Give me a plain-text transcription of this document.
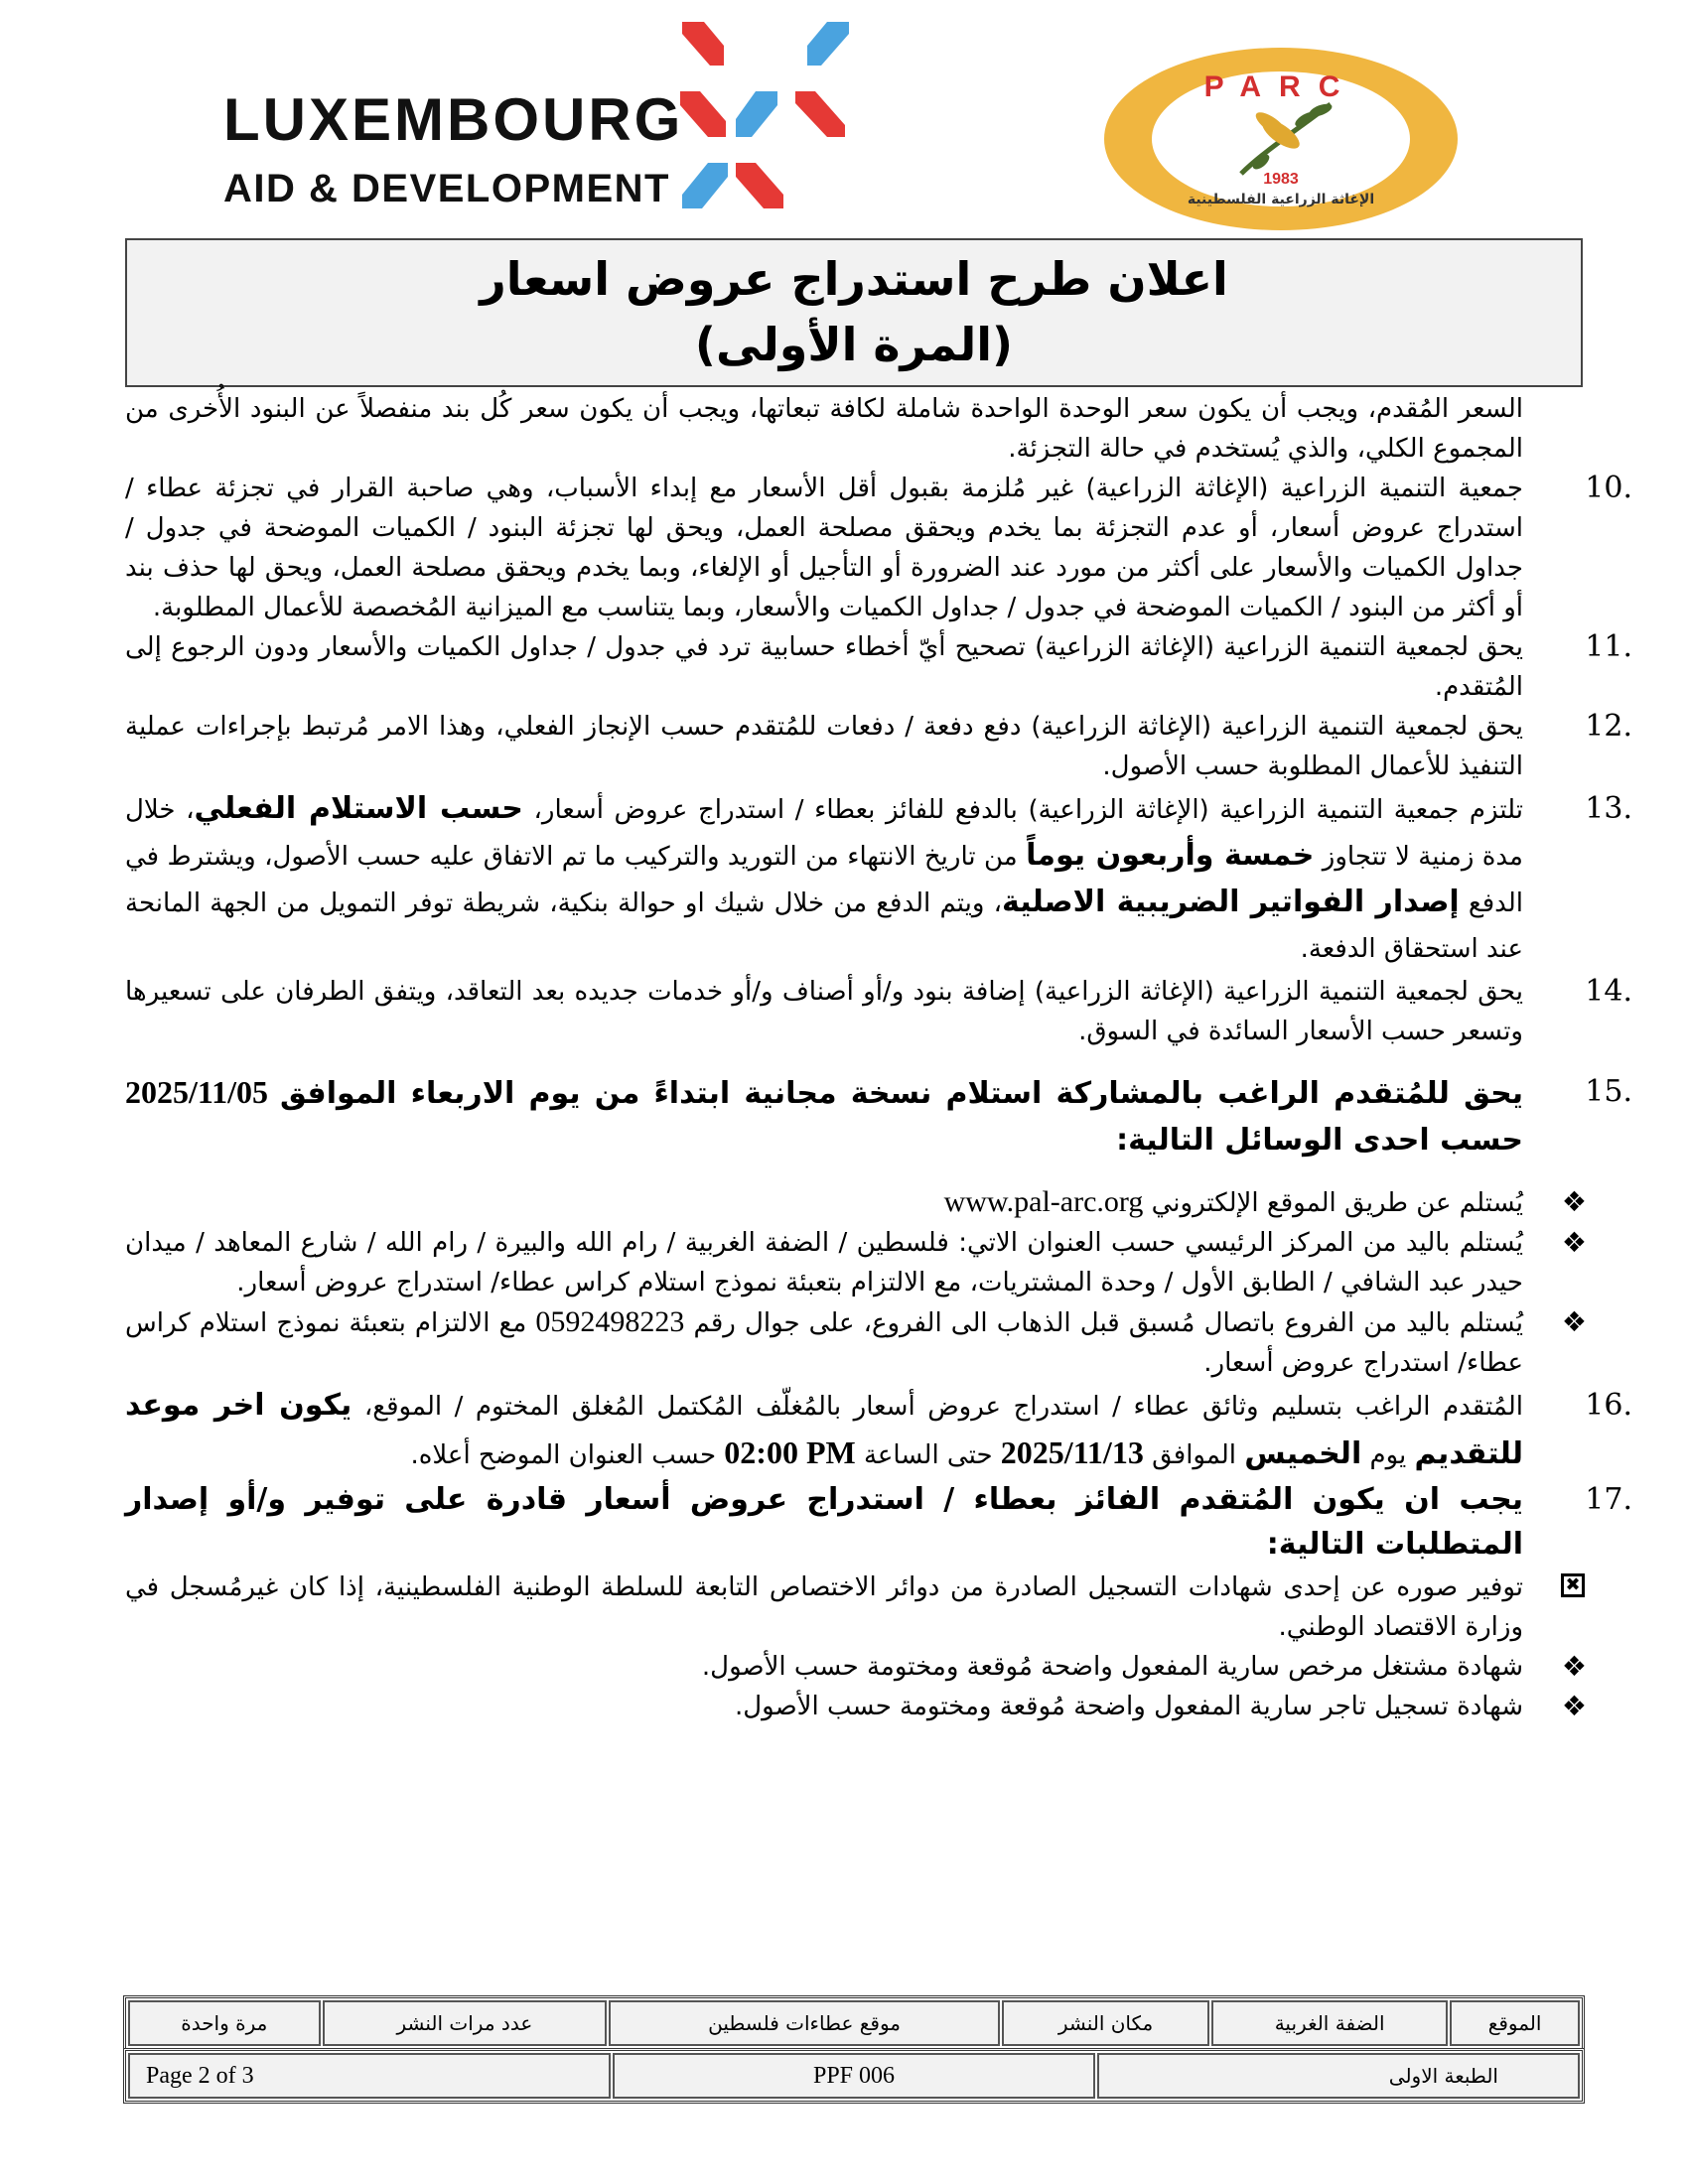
LUXEMBOURG
AID & DEVELOPMENT
PARC
1983
الإغاثة الزراعية الفلسطينية
اعلان طرح استدراج عروض اسعار
(المرة الأولى)
السعر المُقدم، ويجب أن يكون سعر الوحدة الواحدة شاملة لكافة تبعاتها، ويجب أن يكون سعر كُل بند منفصلاً عن البنود الأُخرى من المجموع الكلي، والذي يُستخدم في حالة التجزئة.
10.
جمعية التنمية الزراعية (الإغاثة الزراعية) غير مُلزمة بقبول أقل الأسعار مع إبداء الأسباب، وهي صاحبة القرار في تجزئة عطاء / استدراج عروض أسعار، أو عدم التجزئة بما يخدم ويحقق مصلحة العمل، ويحق لها تجزئة البنود / الكميات الموضحة في جدول / جداول الكميات والأسعار على أكثر من مورد عند الضرورة أو التأجيل أو الإلغاء، وبما يخدم ويحقق مصلحة العمل، ويحق لها حذف بند أو أكثر من البنود / الكميات الموضحة في جدول / جداول الكميات والأسعار، وبما يتناسب مع الميزانية المُخصصة للأعمال المطلوبة.
11.
يحق لجمعية التنمية الزراعية (الإغاثة الزراعية) تصحيح أيّ أخطاء حسابية ترد في جدول / جداول الكميات والأسعار ودون الرجوع إلى المُتقدم.
12.
يحق لجمعية التنمية الزراعية (الإغاثة الزراعية) دفع دفعة / دفعات للمُتقدم حسب الإنجاز الفعلي، وهذا الامر مُرتبط بإجراءات عملية التنفيذ للأعمال المطلوبة حسب الأصول.
13.
تلتزم جمعية التنمية الزراعية (الإغاثة الزراعية) بالدفع للفائز بعطاء / استدراج عروض أسعار، حسب الاستلام الفعلي، خلال مدة زمنية لا تتجاوز خمسة وأربعون يوماً من تاريخ الانتهاء من التوريد والتركيب ما تم الاتفاق عليه حسب الأصول، ويشترط في الدفع إصدار الفواتير الضريبية الاصلية، ويتم الدفع من خلال شيك او حوالة بنكية، شريطة توفر التمويل من الجهة المانحة عند استحقاق الدفعة.
14.
يحق لجمعية التنمية الزراعية (الإغاثة الزراعية) إضافة بنود و/أو أصناف و/أو خدمات جديده بعد التعاقد، ويتفق الطرفان على تسعيرها وتسعر حسب الأسعار السائدة في السوق.
15.
يحق للمُتقدم الراغب بالمشاركة استلام نسخة مجانية ابتداءً من يوم الاربعاء الموافق 2025/11/05 حسب احدى الوسائل التالية:
❖
يُستلم عن طريق الموقع الإلكتروني www.pal-arc.org
❖
يُستلم باليد من المركز الرئيسي حسب العنوان الاتي: فلسطين / الضفة الغربية / رام الله والبيرة / رام الله / شارع المعاهد / ميدان حيدر عبد الشافي / الطابق الأول / وحدة المشتريات، مع الالتزام بتعبئة نموذج استلام كراس عطاء/ استدراج عروض أسعار.
❖
يُستلم باليد من الفروع باتصال مُسبق قبل الذهاب الى الفروع، على جوال رقم 0592498223 مع الالتزام بتعبئة نموذج استلام كراس عطاء/ استدراج عروض أسعار.
16.
المُتقدم الراغب بتسليم وثائق عطاء / استدراج عروض أسعار بالمُغلّف المُكتمل المُغلق المختوم / الموقع، يكون اخر موعد للتقديم يوم الخميس الموافق 2025/11/13 حتى الساعة 02:00 PM حسب العنوان الموضح أعلاه.
17.
يجب ان يكون المُتقدم الفائز بعطاء / استدراج عروض أسعار قادرة على توفير و/أو إصدار المتطلبات التالية:
✖
توفير صوره عن إحدى شهادات التسجيل الصادرة من دوائر الاختصاص التابعة للسلطة الوطنية الفلسطينية، إذا كان غيرمُسجل في وزارة الاقتصاد الوطني.
❖
شهادة مشتغل مرخص سارية المفعول واضحة مُوقعة ومختومة حسب الأصول.
❖
شهادة تسجيل تاجر سارية المفعول واضحة مُوقعة ومختومة حسب الأصول.
الموقع	الضفة الغربية	مكان النشر	موقع عطاءات فلسطين	عدد مرات النشر	مرة واحدة
الطبعة الاولى	PPF 006	Page 2 of 3
